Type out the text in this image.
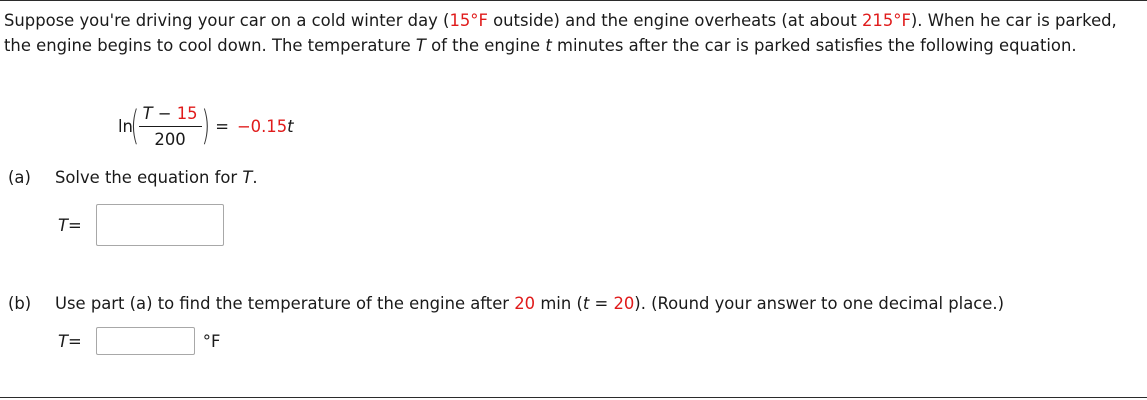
Suppose you're driving your car on a cold winter day (15°F outside) and the engine overheats (at about 215°F). When he car is parked, the engine begins to cool down. The temperature T of the engine t minutes after the car is parked satisfies the following equation.

ln
( $\frac{T - 15}{200}$ ) = −0.15 t
(a) Solve the equation for T.
T =
(b) Use part (a) to find the temperature of the engine after 20 min (t = 20). (Round your answer to one decimal place.)
T =	°F
